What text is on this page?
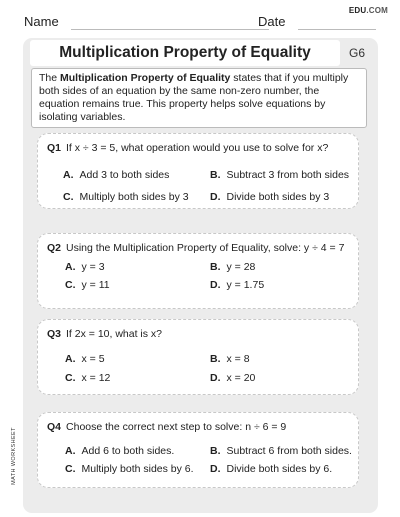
EDU.COM
Name	Date
Multiplication Property of Equality	G6
The Multiplication Property of Equality states that if you multiply both sides of an equation by the same non-zero number, the equation remains true. This property helps solve equations by isolating variables.
Q1 If x ÷ 3 = 5, what operation would you use to solve for x?
A. Add 3 to both sides	B. Subtract 3 from both sides
C. Multiply both sides by 3 D. Divide both sides by 3
Q2 Using the Multiplication Property of Equality, solve: y ÷ 4 = 7
A. y = 3	B. y = 28
C. y = 11	D. y = 1.75
Q3 If 2x = 10, what is x?
A. x = 5	B. x = 8
C. x = 12	D. x = 20
Q4 Choose the correct next step to solve: n ÷ 6 = 9
A. Add 6 to both sides.	B. Subtract 6 from both sides.
C. Multiply both sides by 6. D. Divide both sides by 6.
MATH WORKSHEET
